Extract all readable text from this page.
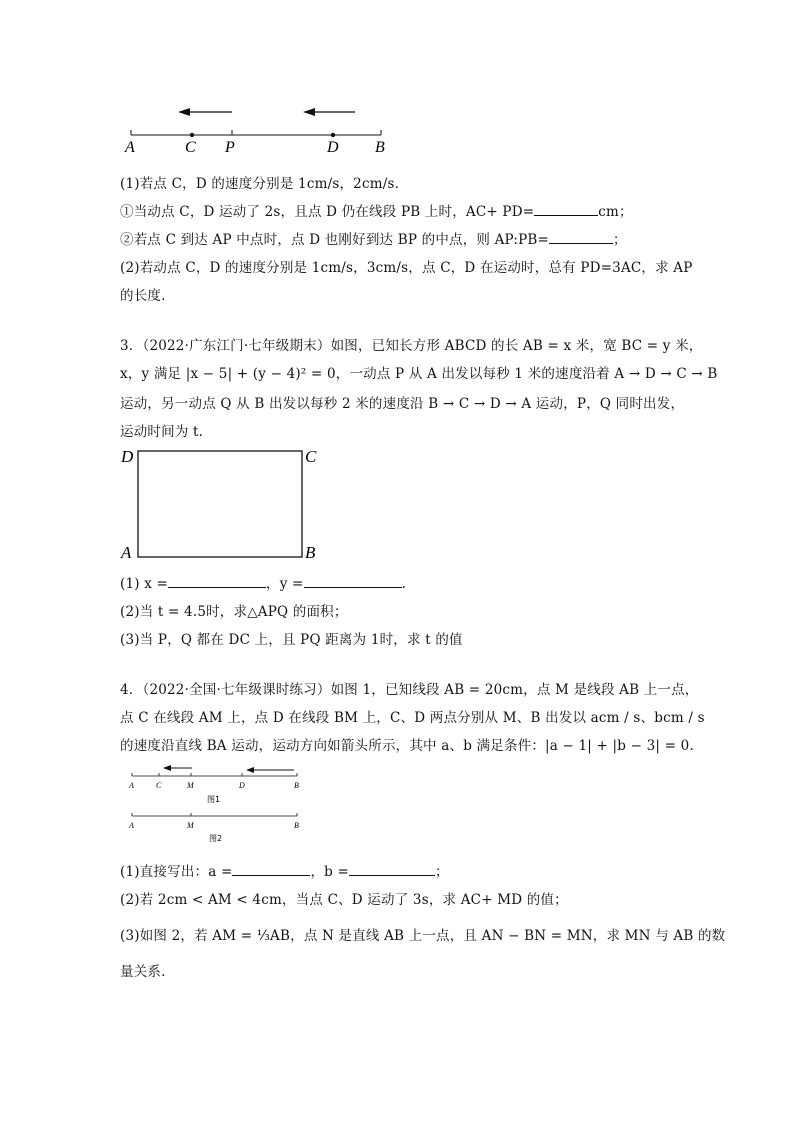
A	C P	D B
(1)若点 C，D 的速度分别是 1cm/s，2cm/s.
①当动点 C，D 运动了 2s，且点 D 仍在线段 PB 上时，AC+ PD=	cm；
②若点 C 到达 AP 中点时，点 D 也刚好到达 BP 的中点，则 AP:PB=	；
(2)若动点 C，D 的速度分别是 1cm/s，3cm/s，点 C，D 在运动时，总有 PD=3AC，求 AP
的长度.
3．（2022·广东江门·七年级期末）如图，已知长方形 ABCD 的长 AB = x 米，宽 BC = y 米，
x，y 满足 |x − 5| + (y − 4)² = 0，一动点 P 从 A 出发以每秒 1 米的速度沿着 A → D → C → B
运动，另一动点 Q 从 B 出发以每秒 2 米的速度沿 B → C → D → A 运动，P，Q 同时出发，
运动时间为 t.
D	C
A	B
(1) x =	，y =	.
(2)当 t = 4.5时，求△APQ 的面积；
(3)当 P，Q 都在 DC 上，且 PQ 距离为 1时，求 t 的值
4．（2022·全国·七年级课时练习）如图 1，已知线段 AB = 20cm，点 M 是线段 AB 上一点，
点 C 在线段 AM 上，点 D 在线段 BM 上，C、D 两点分别从 M、B 出发以 acm / s、bcm / s
的速度沿直线 BA 运动，运动方向如箭头所示，其中 a、b 满足条件：|a − 1| + |b − 3| = 0.
A	C	M	D	B
图1
A	M	B
图2
(1)直接写出：a =	，b =	；
(2)若 2cm < AM < 4cm，当点 C、D 运动了 3s，求 AC+ MD 的值；
(3)如图 2，若 AM = ⅓AB，点 N 是直线 AB 上一点，且 AN − BN = MN，求 MN 与 AB 的数
量关系.
